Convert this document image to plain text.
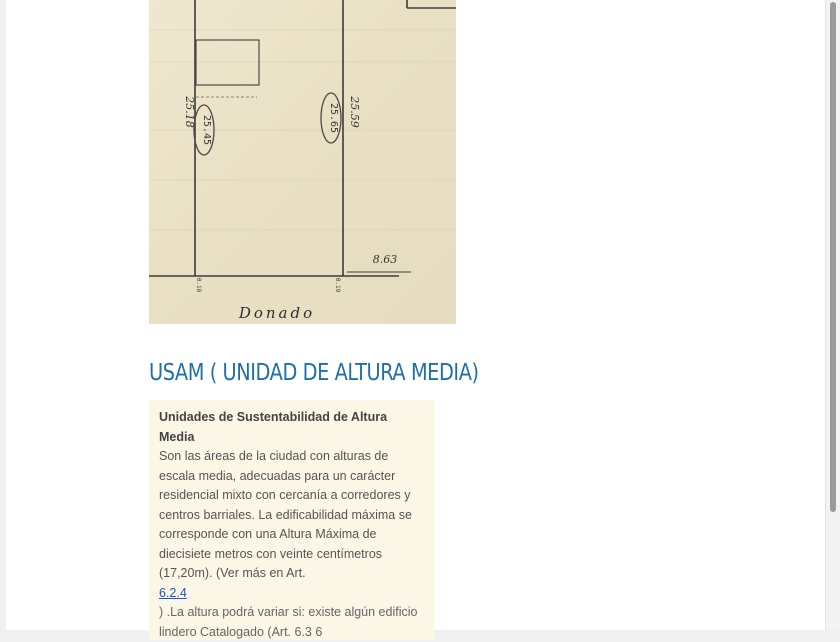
25.45	25.65
25.18	25.59
8.63
0.18	0.19
Donado
USAM ( UNIDAD DE ALTURA MEDIA)
Unidades de Sustentabilidad de Altura Media
Son las áreas de la ciudad con alturas de escala media, adecuadas para un carácter residencial mixto con cercanía a corredores y centros barriales. La edificabilidad máxima se corresponde con una Altura Máxima de diecisiete metros con veinte centímetros (17,20m). (Ver más en Art.
6.2.4
) .La altura podrá variar si: existe algún edificio lindero Catalogado (Art. 6.3 6
